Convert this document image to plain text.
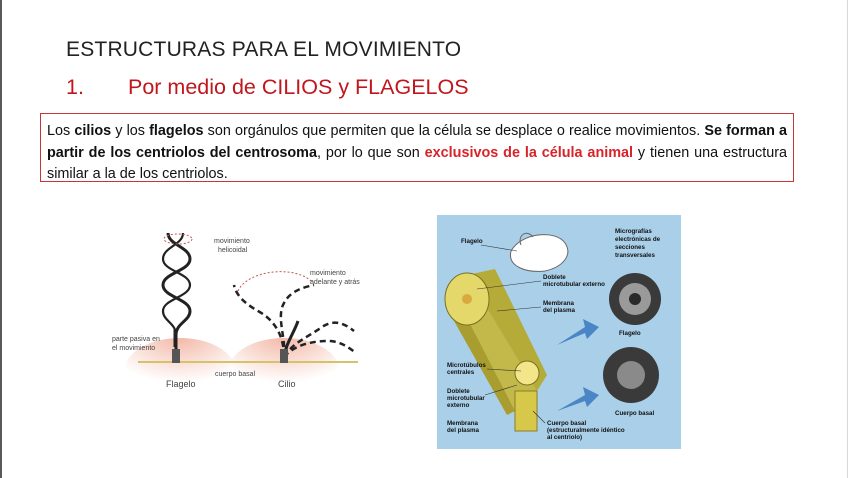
ESTRUCTURAS PARA EL MOVIMIENTO
1. Por medio de CILIOS y FLAGELOS
Los cilios y los flagelos son orgánulos que permiten que la célula se desplace o realice movimientos. Se forman a partir de los centriolos del centrosoma, por lo que son exclusivos de la célula animal y tienen una estructura similar a la de los centriolos.
movimiento
helicoidal
movimiento
adelante y atrás
parte pasiva en
el movimiento
cuerpo basal
Flagelo	Cilio
Flagelo
Micrografías
electrónicas de
secciones
transversales
Doblete
microtubular externo
Membrana
del plasma
Flagelo
Microtúbulos
centrales
Doblete
microtubular
externo
Cuerpo basal
Membrana
del plasma
Cuerpo basal
(estructuralmente idéntico
al centriolo)
